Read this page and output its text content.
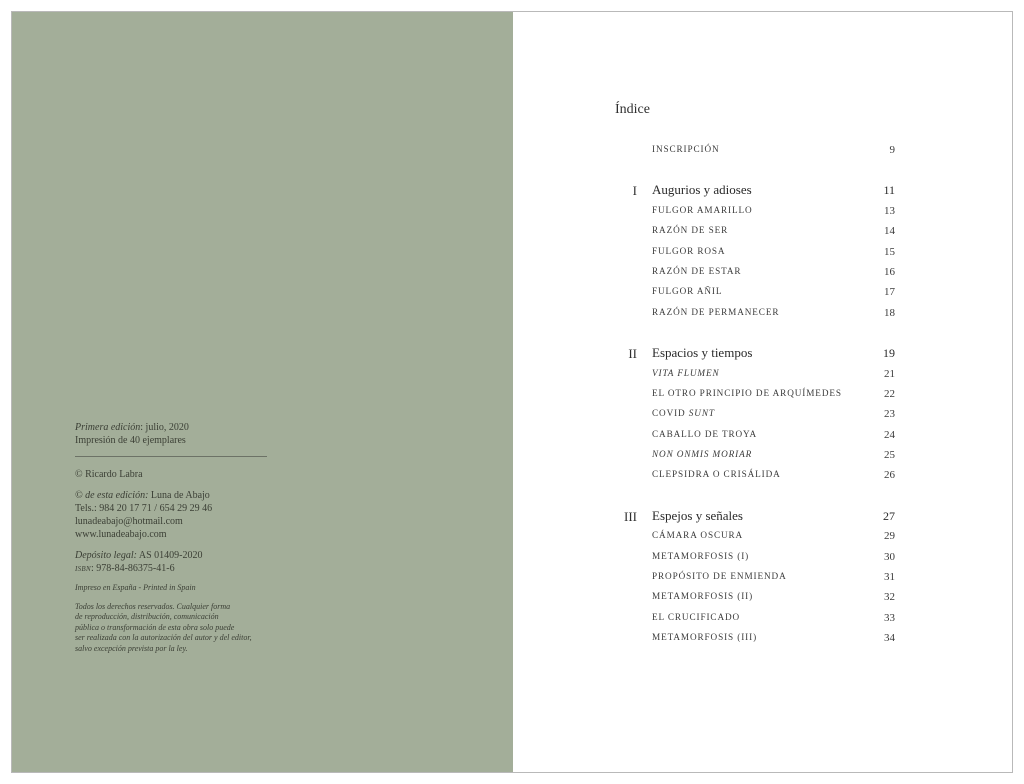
Primera edición: julio, 2020

Impresión de 40 ejemplares

© Ricardo Labra

© de esta edición: Luna de Abajo

Tels.: 984 20 17 71 / 654 29 29 46

lunadeabajo@hotmail.com

www.lunadeabajo.com

Depósito legal: AS 01409-2020

isbn: 978-84-86375-41-6

Impreso en España - Printed in Spain

Todos los derechos reservados. Cualquier forma

de reproducción, distribución, comunicación

pública o transformación de esta obra solo puede

ser realizada con la autorización del autor y del editor,

salvo excepción prevista por la ley.

Índice
INSCRIPCIÓN	9
I Augurios y adioses	11
FULGOR AMARILLO	13
RAZÓN DE SER	14
FULGOR ROSA	15
RAZÓN DE ESTAR	16
FULGOR AÑIL	17
RAZÓN DE PERMANECER	18
II Espacios y tiempos	19
VITA FLUMEN	21
EL OTRO PRINCIPIO DE ARQUÍMEDES	22
COVID SUNT	23
CABALLO DE TROYA	24
NON ONMIS MORIAR	25
CLEPSIDRA O CRISÁLIDA	26
III Espejos y señales	27
CÁMARA OSCURA	29
METAMORFOSIS (I)	30
PROPÓSITO DE ENMIENDA	31
METAMORFOSIS (II)	32
EL CRUCIFICADO	33
METAMORFOSIS (III)	34
